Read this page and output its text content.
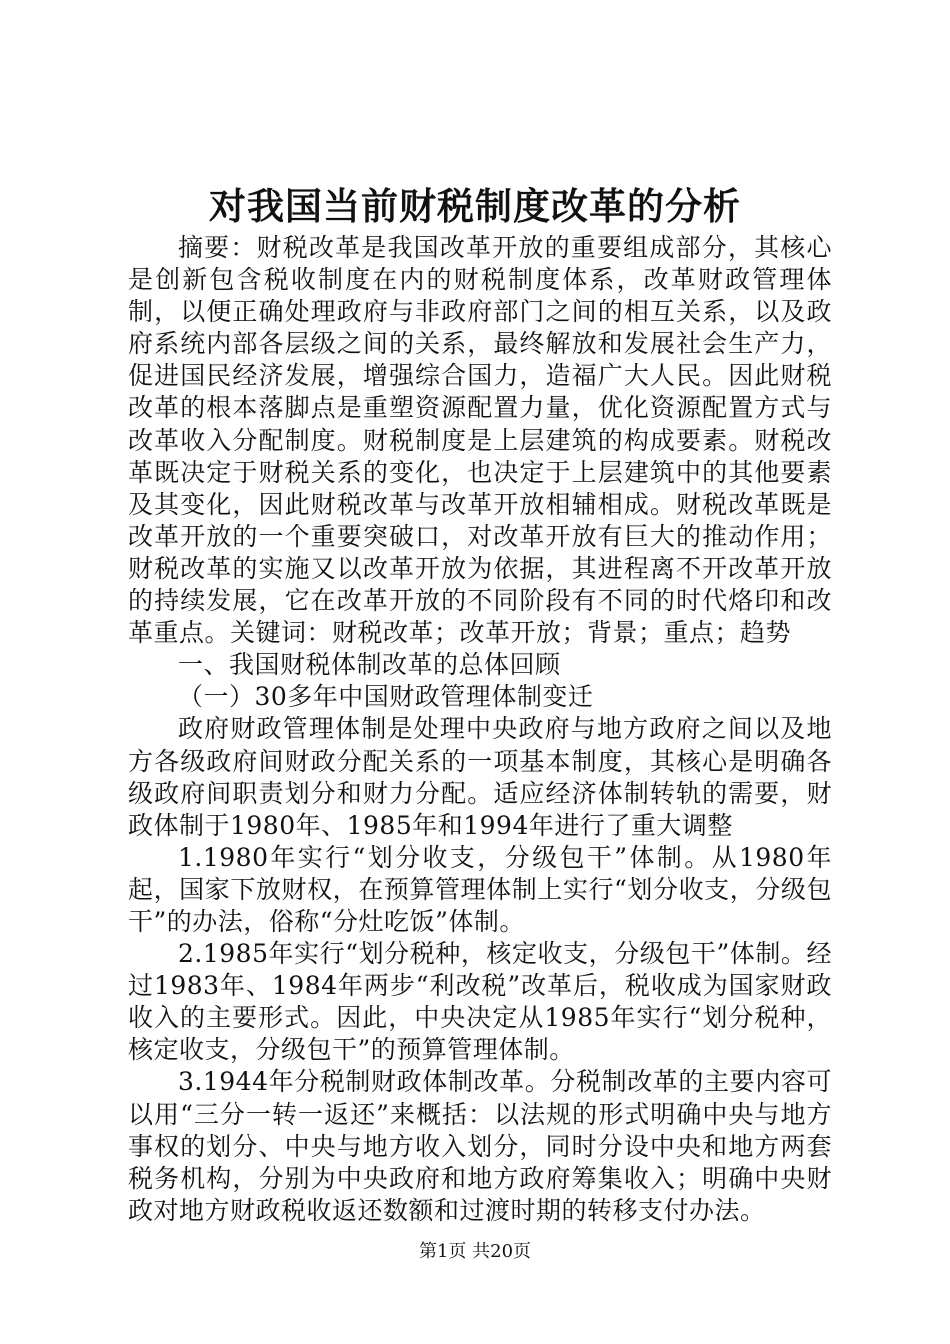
对我国当前财税制度改革的分析

摘要：财税改革是我国改革开放的重要组成部分，其核心是创新包含税收制度在内的财税制度体系，改革财政管理体制，以便正确处理政府与非政府部门之间的相互关系，以及政府系统内部各层级之间的关系，最终解放和发展社会生产力，促进国民经济发展，增强综合国力，造福广大人民。因此财税改革的根本落脚点是重塑资源配置力量，优化资源配置方式与改革收入分配制度。财税制度是上层建筑的构成要素。财税改革既决定于财税关系的变化，也决定于上层建筑中的其他要素及其变化，因此财税改革与改革开放相辅相成。财税改革既是改革开放的一个重要突破口，对改革开放有巨大的推动作用；财税改革的实施又以改革开放为依据，其进程离不开改革开放的持续发展，它在改革开放的不同阶段有不同的时代烙印和改革重点。关键词：财税改革；改革开放；背景；重点；趋势

一、我国财税体制改革的总体回顾

（一）30多年中国财政管理体制变迁

政府财政管理体制是处理中央政府与地方政府之间以及地方各级政府间财政分配关系的一项基本制度，其核心是明确各级政府间职责划分和财力分配。适应经济体制转轨的需要，财政体制于1980年、1985年和1994年进行了重大调整

1.1980年实行“划分收支，分级包干”体制。从1980年起，国家下放财权，在预算管理体制上实行“划分收支，分级包干”的办法，俗称“分灶吃饭”体制。

2.1985年实行“划分税种，核定收支，分级包干”体制。经过1983年、1984年两步“利改税”改革后，税收成为国家财政收入的主要形式。因此，中央决定从1985年实行“划分税种，核定收支，分级包干”的预算管理体制。

3.1944年分税制财政体制改革。分税制改革的主要内容可以用“三分一转一返还”来概括：以法规的形式明确中央与地方事权的划分、中央与地方收入划分，同时分设中央和地方两套税务机构，分别为中央政府和地方政府筹集收入；明确中央财政对地方财政税收返还数额和过渡时期的转移支付办法。

第1页 共20页
